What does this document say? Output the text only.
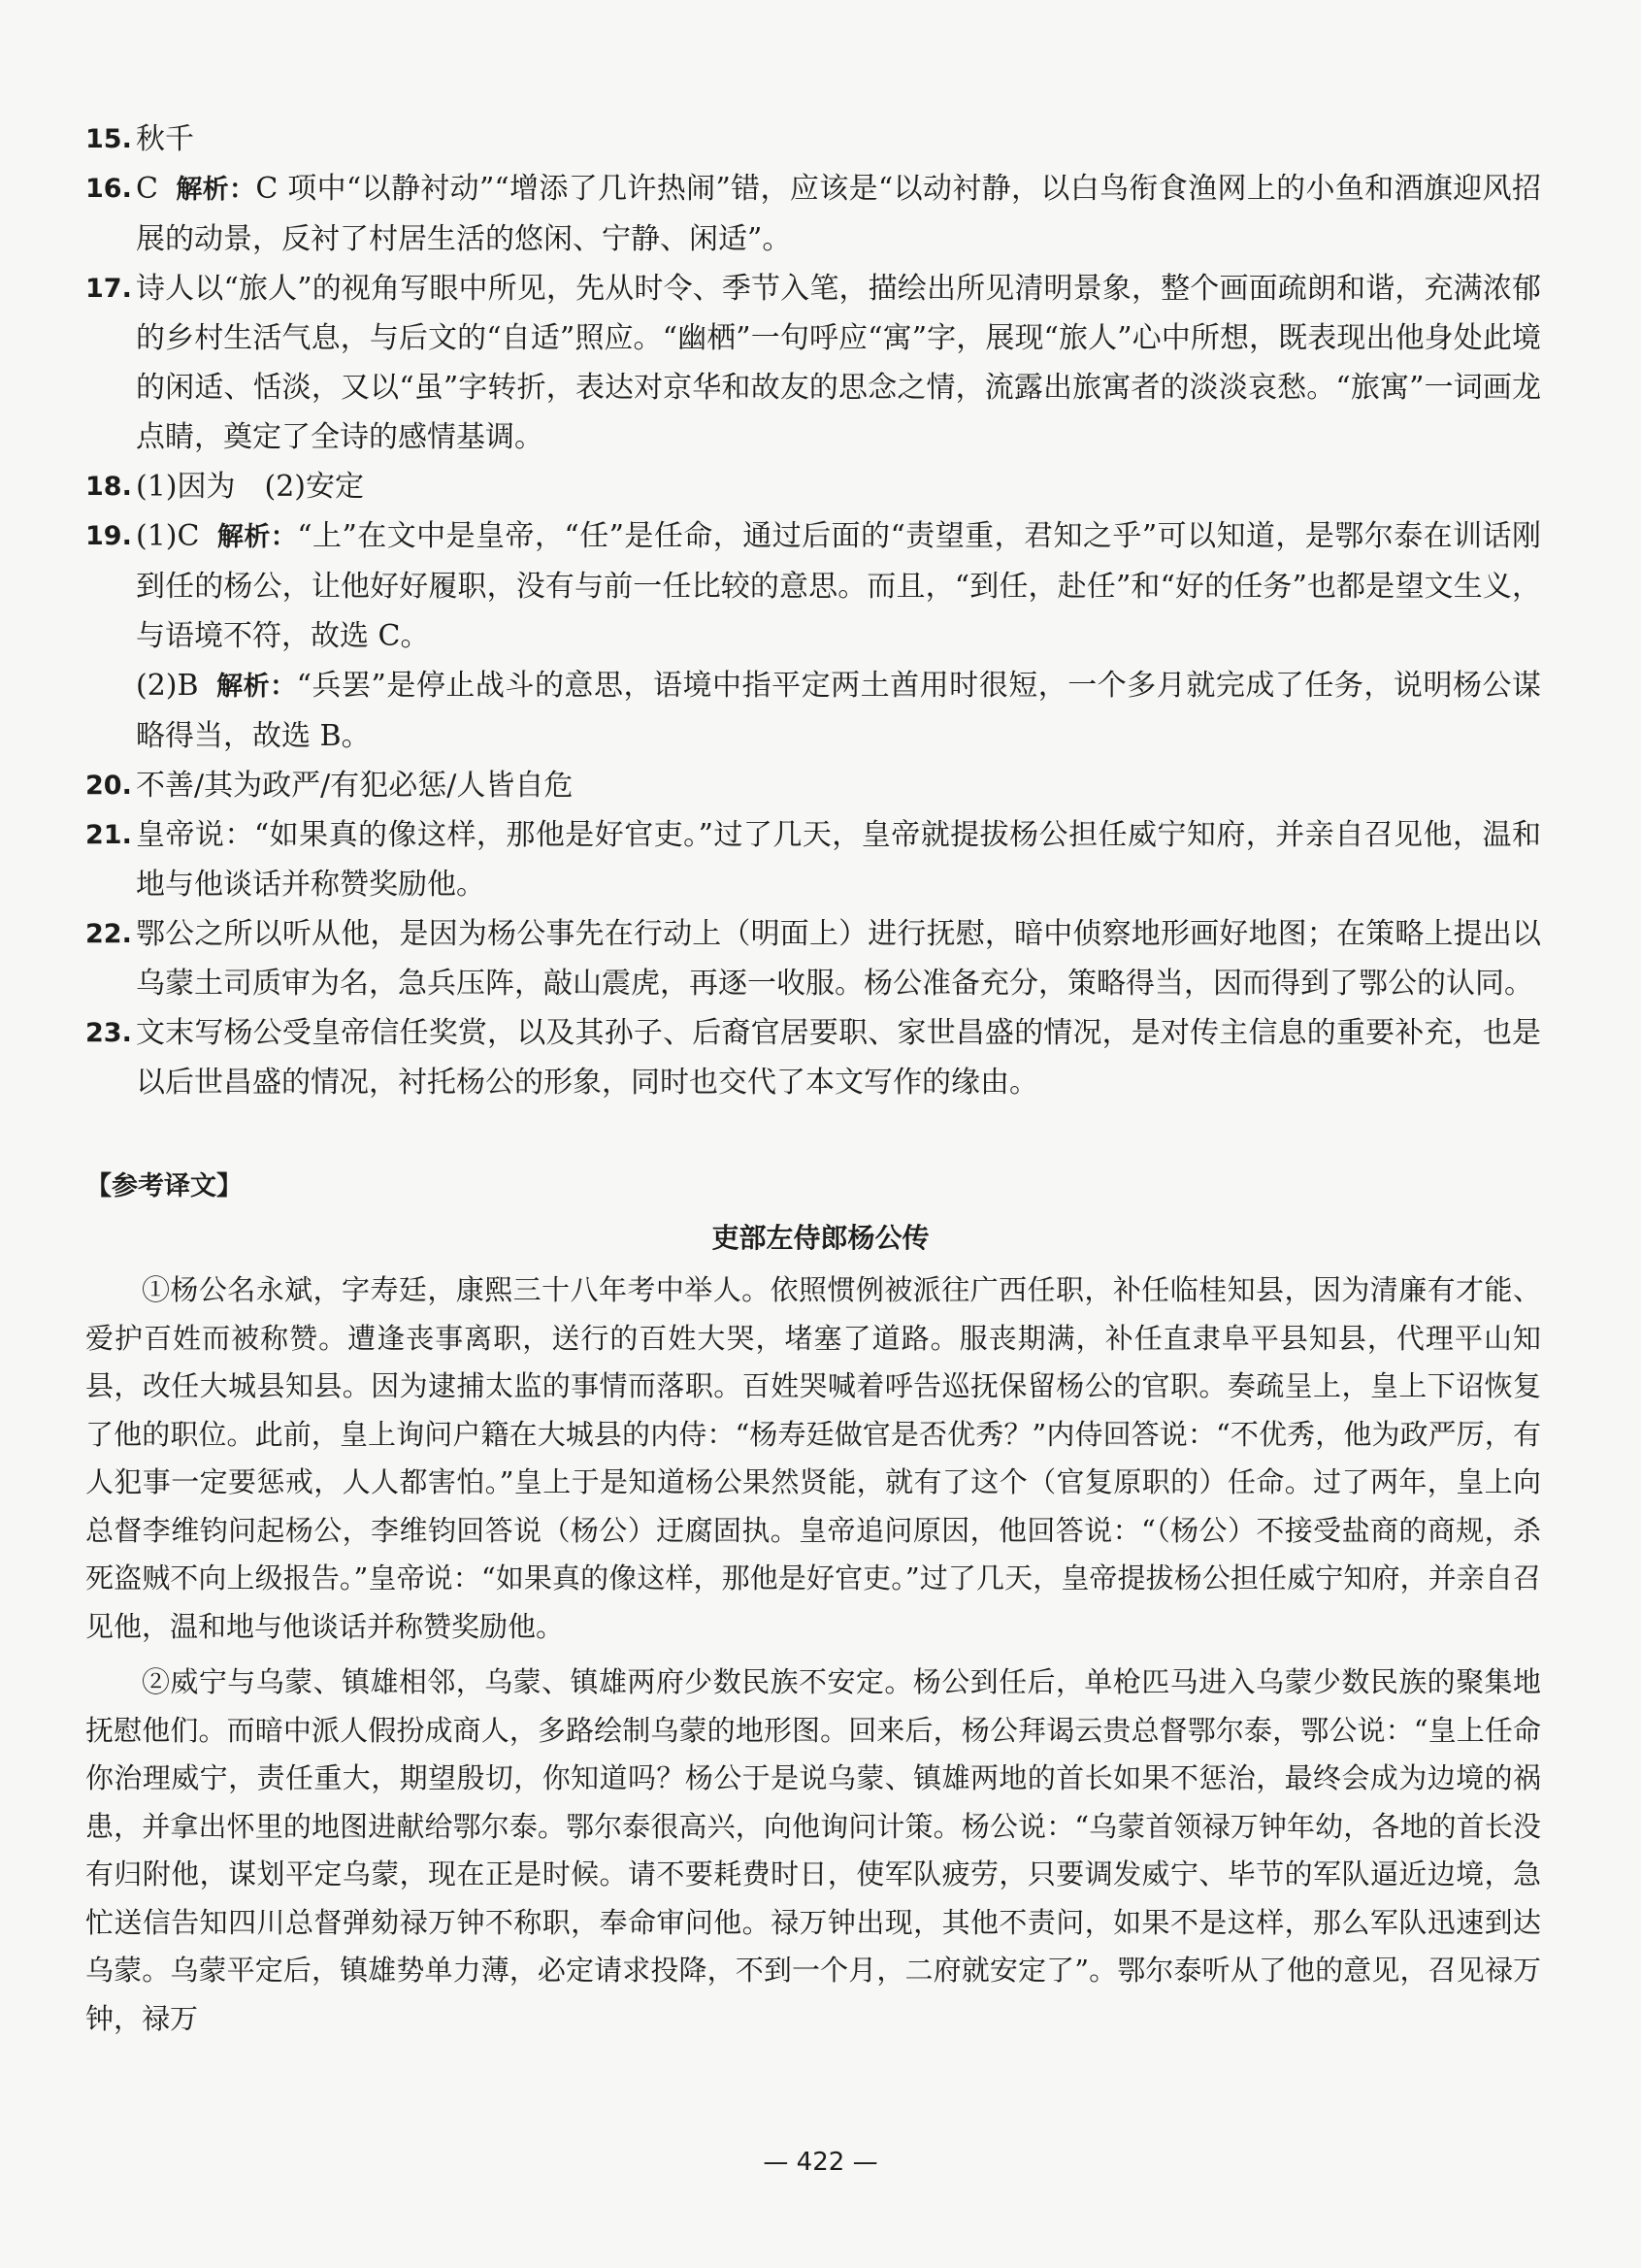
15. 秋千
16. C 解析：C 项中“以静衬动”“增添了几许热闹”错，应该是“以动衬静，以白鸟衔食渔网上的小鱼和酒旗迎风招展的动景，反衬了村居生活的悠闲、宁静、闲适”。
17. 诗人以“旅人”的视角写眼中所见，先从时令、季节入笔，描绘出所见清明景象，整个画面疏朗和谐，充满浓郁的乡村生活气息，与后文的“自适”照应。“幽栖”一句呼应“寓”字，展现“旅人”心中所想，既表现出他身处此境的闲适、恬淡，又以“虽”字转折，表达对京华和故友的思念之情，流露出旅寓者的淡淡哀愁。“旅寓”一词画龙点睛，奠定了全诗的感情基调。
18. (1)因为　(2)安定
19. (1)C 解析：“上”在文中是皇帝，“任”是任命，通过后面的“责望重，君知之乎”可以知道，是鄂尔泰在训话刚到任的杨公，让他好好履职，没有与前一任比较的意思。而且，“到任，赴任”和“好的任务”也都是望文生义，与语境不符，故选 C。
(2)B 解析：“兵罢”是停止战斗的意思，语境中指平定两土酋用时很短，一个多月就完成了任务，说明杨公谋略得当，故选 B。
20. 不善/其为政严/有犯必惩/人皆自危
21. 皇帝说：“如果真的像这样，那他是好官吏。”过了几天，皇帝就提拔杨公担任威宁知府，并亲自召见他，温和地与他谈话并称赞奖励他。
22. 鄂公之所以听从他，是因为杨公事先在行动上（明面上）进行抚慰，暗中侦察地形画好地图；在策略上提出以乌蒙土司质审为名，急兵压阵，敲山震虎，再逐一收服。杨公准备充分，策略得当，因而得到了鄂公的认同。
23. 文末写杨公受皇帝信任奖赏，以及其孙子、后裔官居要职、家世昌盛的情况，是对传主信息的重要补充，也是以后世昌盛的情况，衬托杨公的形象，同时也交代了本文写作的缘由。
【参考译文】
吏部左侍郎杨公传

①杨公名永斌，字寿廷，康熙三十八年考中举人。依照惯例被派往广西任职，补任临桂知县，因为清廉有才能、爱护百姓而被称赞。遭逢丧事离职，送行的百姓大哭，堵塞了道路。服丧期满，补任直隶阜平县知县，代理平山知县，改任大城县知县。因为逮捕太监的事情而落职。百姓哭喊着呼告巡抚保留杨公的官职。奏疏呈上，皇上下诏恢复了他的职位。此前，皇上询问户籍在大城县的内侍：“杨寿廷做官是否优秀？”内侍回答说：“不优秀，他为政严厉，有人犯事一定要惩戒，人人都害怕。”皇上于是知道杨公果然贤能，就有了这个（官复原职的）任命。过了两年，皇上向总督李维钧问起杨公，李维钧回答说（杨公）迂腐固执。皇帝追问原因，他回答说：“（杨公）不接受盐商的商规，杀死盗贼不向上级报告。”皇帝说：“如果真的像这样，那他是好官吏。”过了几天，皇帝提拔杨公担任威宁知府，并亲自召见他，温和地与他谈话并称赞奖励他。

②威宁与乌蒙、镇雄相邻，乌蒙、镇雄两府少数民族不安定。杨公到任后，单枪匹马进入乌蒙少数民族的聚集地抚慰他们。而暗中派人假扮成商人，多路绘制乌蒙的地形图。回来后，杨公拜谒云贵总督鄂尔泰，鄂公说：“皇上任命你治理威宁，责任重大，期望殷切，你知道吗？杨公于是说乌蒙、镇雄两地的首长如果不惩治，最终会成为边境的祸患，并拿出怀里的地图进献给鄂尔泰。鄂尔泰很高兴，向他询问计策。杨公说：“乌蒙首领禄万钟年幼，各地的首长没有归附他，谋划平定乌蒙，现在正是时候。请不要耗费时日，使军队疲劳，只要调发威宁、毕节的军队逼近边境，急忙送信告知四川总督弹劾禄万钟不称职，奉命审问他。禄万钟出现，其他不责问，如果不是这样，那么军队迅速到达乌蒙。乌蒙平定后，镇雄势单力薄，必定请求投降，不到一个月，二府就安定了”。鄂尔泰听从了他的意见，召见禄万钟，禄万

— 422 —
